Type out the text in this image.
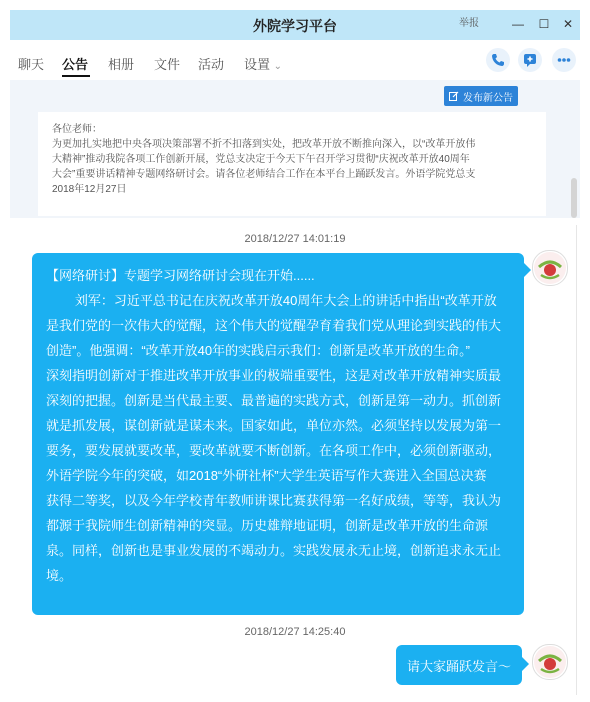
外院学习平台	举报	—	☐	✕
聊天 公告 相册 文件 活动 设置 ⌄
发布新公告
各位老师：
为更加扎实地把中央各项决策部署不折不扣落到实处，把改革开放不断推向深入，以“改革开放伟
大精神”推动我院各项工作创新开展，党总支决定于今天下午召开学习贯彻“庆祝改革开放40周年
大会”重要讲话精神专题网络研讨会。请各位老师结合工作在本平台上踊跃发言。外语学院党总支
2018年12月27日
2018/12/27 14:01:19
【网络研讨】专题学习网络研讨会现在开始......
刘军：习近平总书记在庆祝改革开放40周年大会上的讲话中指出“改革开放
是我们党的一次伟大的觉醒，这个伟大的觉醒孕育着我们党从理论到实践的伟大
创造”。他强调：“改革开放40年的实践启示我们：创新是改革开放的生命。”
深刻指明创新对于推进改革开放事业的极端重要性，这是对改革开放精神实质最
深刻的把握。创新是当代最主要、最普遍的实践方式，创新是第一动力。抓创新
就是抓发展，谋创新就是谋未来。国家如此，单位亦然。必须坚持以发展为第一
要务，要发展就要改革，要改革就要不断创新。在各项工作中，必须创新驱动，
外语学院今年的突破，如2018“外研社杯”大学生英语写作大赛进入全国总决赛
获得二等奖，以及今年学校青年教师讲课比赛获得第一名好成绩，等等，我认为
都源于我院师生创新精神的突显。历史雄辩地证明，创新是改革开放的生命源
泉。同样，创新也是事业发展的不竭动力。实践发展永无止境，创新追求永无止
境。
2018/12/27 14:25:40
请大家踊跃发言～
